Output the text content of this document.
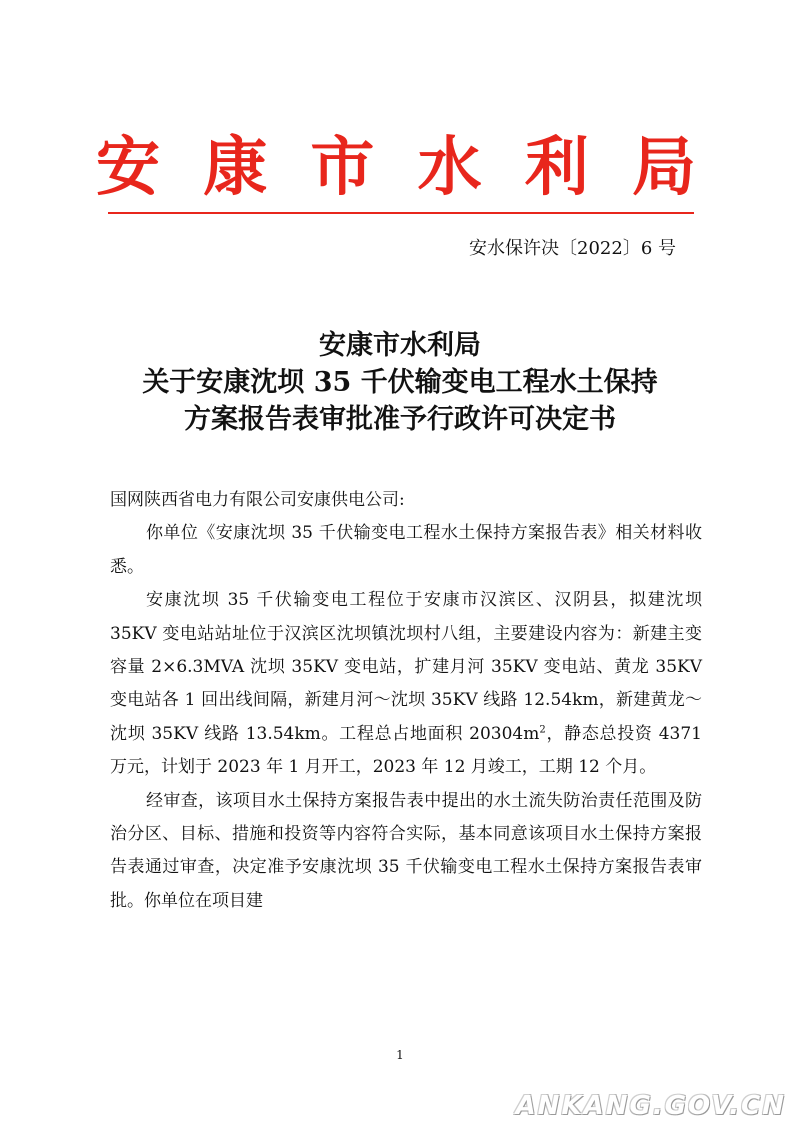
安 康 市 水 利 局
安水保许决〔2022〕6 号
安康市水利局
关于安康沈坝 35 千伏输变电工程水土保持
方案报告表审批准予行政许可决定书

国网陕西省电力有限公司安康供电公司:

你单位《安康沈坝 35 千伏输变电工程水土保持方案报告表》相关材料收悉。

安康沈坝 35 千伏输变电工程位于安康市汉滨区、汉阴县，拟建沈坝 35KV 变电站站址位于汉滨区沈坝镇沈坝村八组，主要建设内容为：新建主变容量 2×6.3MVA 沈坝 35KV 变电站，扩建月河 35KV 变电站、黄龙 35KV 变电站各 1 回出线间隔，新建月河～沈坝 35KV 线路 12.54km，新建黄龙～沈坝 35KV 线路 13.54km。工程总占地面积 $20304m^2$，静态总投资 4371 万元，计划于 2023 年 1 月开工，2023 年 12 月竣工，工期 12 个月。

经审查，该项目水土保持方案报告表中提出的水土流失防治责任范围及防治分区、目标、措施和投资等内容符合实际，基本同意该项目水土保持方案报告表通过审查，决定准予安康沈坝 35 千伏输变电工程水土保持方案报告表审批。你单位在项目建

1
ANKANG.GOV.CN
